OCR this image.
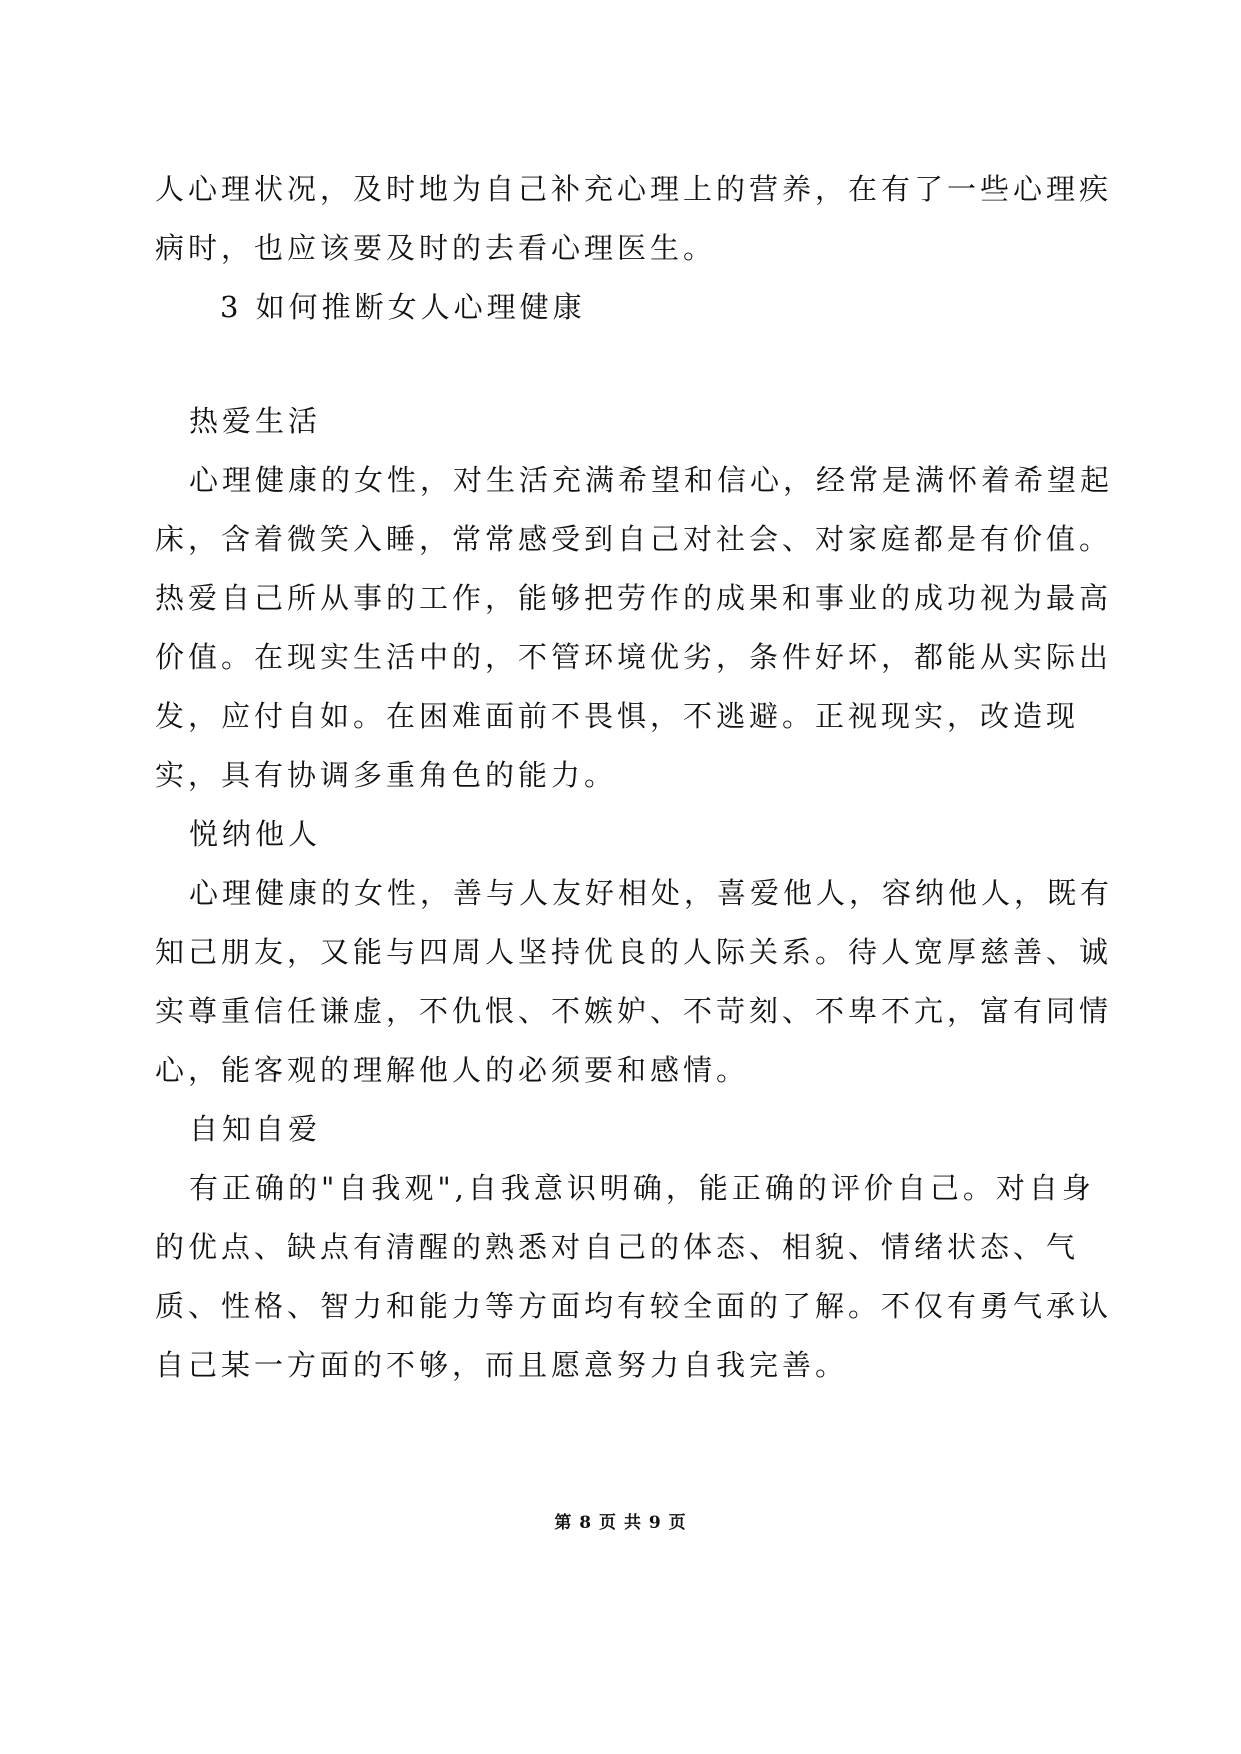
人心理状况，及时地为自己补充心理上的营养，在有了一些心理疾病时，也应该要及时的去看心理医生。

3 如何推断女人心理健康

热爱生活

心理健康的女性，对生活充满希望和信心，经常是满怀着希望起床，含着微笑入睡，常常感受到自己对社会、对家庭都是有价值。热爱自己所从事的工作，能够把劳作的成果和事业的成功视为最高价值。在现实生活中的，不管环境优劣，条件好坏，都能从实际出发，应付自如。在困难面前不畏惧，不逃避。正视现实，改造现实，具有协调多重角色的能力。

悦纳他人

心理健康的女性，善与人友好相处，喜爱他人，容纳他人，既有知己朋友，又能与四周人坚持优良的人际关系。待人宽厚慈善、诚实尊重信任谦虚，不仇恨、不嫉妒、不苛刻、不卑不亢，富有同情心，能客观的理解他人的必须要和感情。

自知自爱

有正确的"自我观",自我意识明确，能正确的评价自己。对自身的优点、缺点有清醒的熟悉对自己的体态、相貌、情绪状态、气质、性格、智力和能力等方面均有较全面的了解。不仅有勇气承认自己某一方面的不够，而且愿意努力自我完善。

第 8 页 共 9 页
